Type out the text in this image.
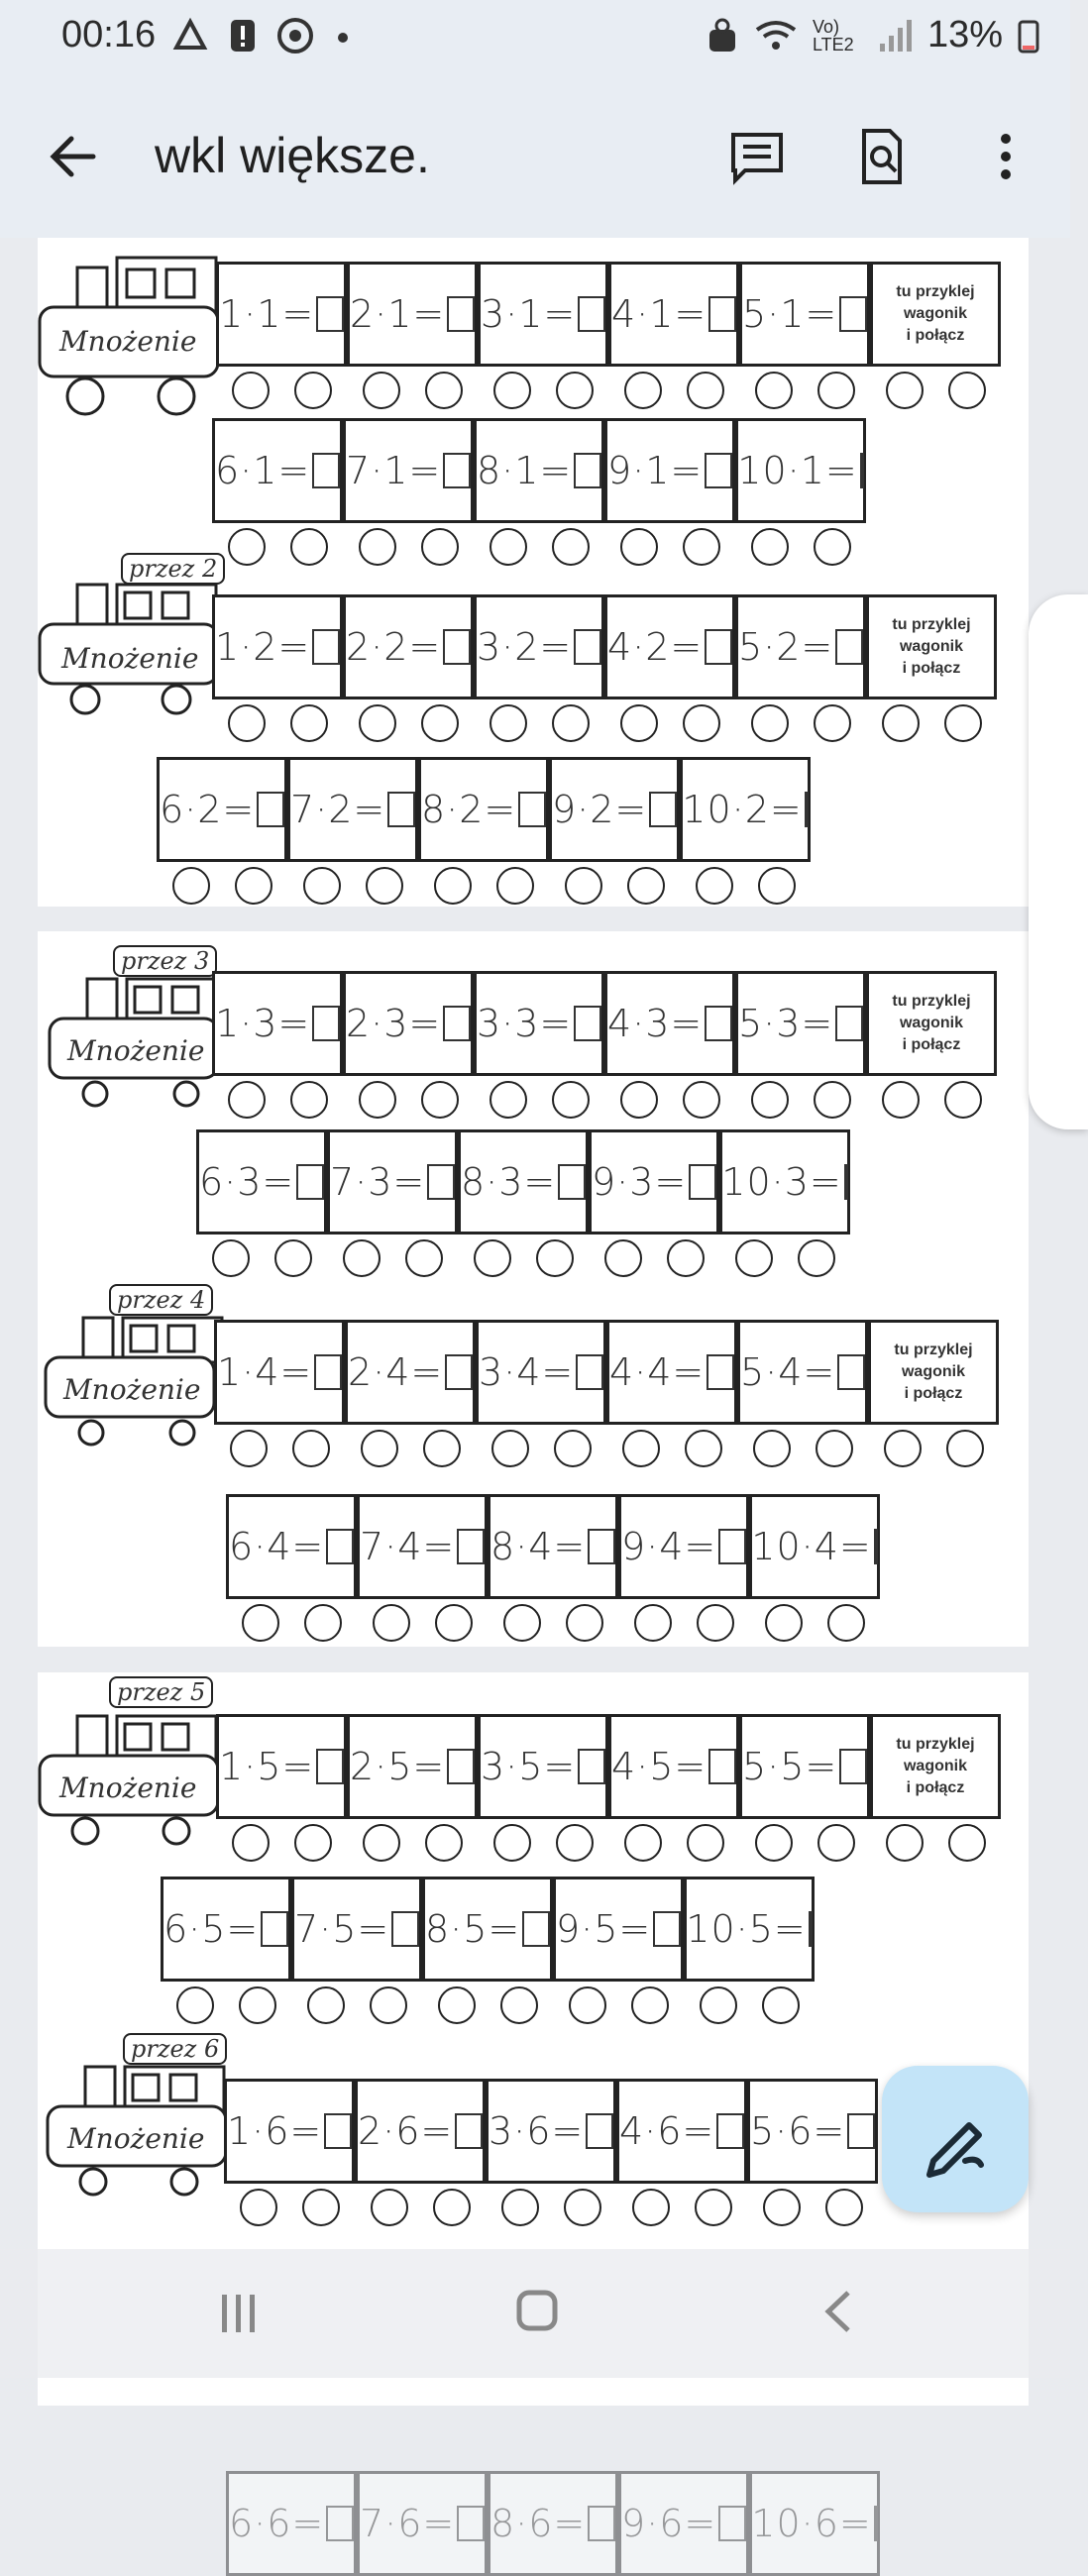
00:16	Vo) LTE2 13%
wkl większe.
Mnożenie
1·1= 2·1= 3·1= 4·1= 5·1=
tu przyklej
wagonik
i połącz
6·1= 7·1= 8·1= 9·1= 10·1=
Mnożenie
przez 2
1·2= 2·2= 3·2= 4·2= 5·2=
tu przyklej
wagonik
i połącz
6·2= 7·2= 8·2= 9·2= 10·2=
Mnożenie
przez 3
1·3= 2·3= 3·3= 4·3= 5·3=
tu przyklej
wagonik
i połącz
6·3= 7·3= 8·3= 9·3= 10·3=
Mnożenie
przez 4
1·4= 2·4= 3·4= 4·4= 5·4=
tu przyklej
wagonik
i połącz
6·4= 7·4= 8·4= 9·4= 10·4=
Mnożenie
przez 5
1·5= 2·5= 3·5= 4·5= 5·5=
tu przyklej
wagonik
i połącz
6·5= 7·5= 8·5= 9·5= 10·5=
Mnożenie
przez 6
1·6= 2·6= 3·6= 4·6= 5·6=
6·6= 7·6= 8·6= 9·6= 10·6=
